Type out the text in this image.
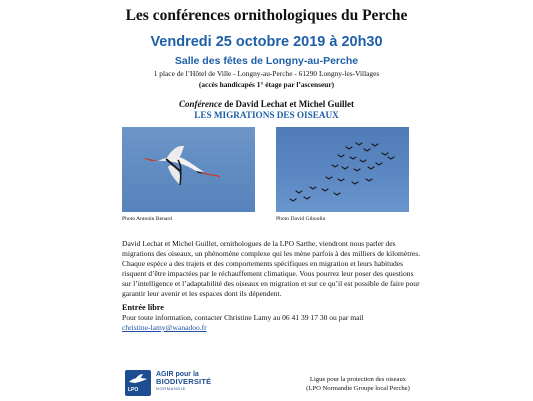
Les conférences ornithologiques du Perche
Vendredi 25 octobre 2019 à 20h30
Salle des fêtes de Longny-au-Perche
1 place de l’Hôtel de Ville - Longny-au-Perche - 61290 Longny-les-Villages
(accès handicapés 1° étage par l’ascenseur)
Conférence de David Lechat et Michel Guillet
LES MIGRATIONS DES OISEAUX
Photo Antonin Benard	Photo David Giboulin

David Lechat et Michel Guillet, ornithologues de la LPO Sarthe, viendront nous parler des migrations des oiseaux, un phénomène complexe qui les mène parfois à des milliers de kilomètres. Chaque espèce a des trajets et des comportements spécifiques en migration et leurs habitudes risquent d’être impactées par le réchauffement climatique. Vous pourrez leur poser des questions sur l’intelligence et l’adaptabilité des oiseaux en migration et sur ce qu’il est possible de faire pour garantir leur avenir et les espaces dont ils dépendent.

Entrée libre

Pour toute information, contacter Christine Lamy au 06 41 39 17 30 ou par mail

christine-lamy@wanadoo.fr

LPO
AGIR pour la
BIODIVERSITÉ
NORMANDIE
Ligue pour la protection des oiseaux
(LPO Normandie Groupe local Perche)
